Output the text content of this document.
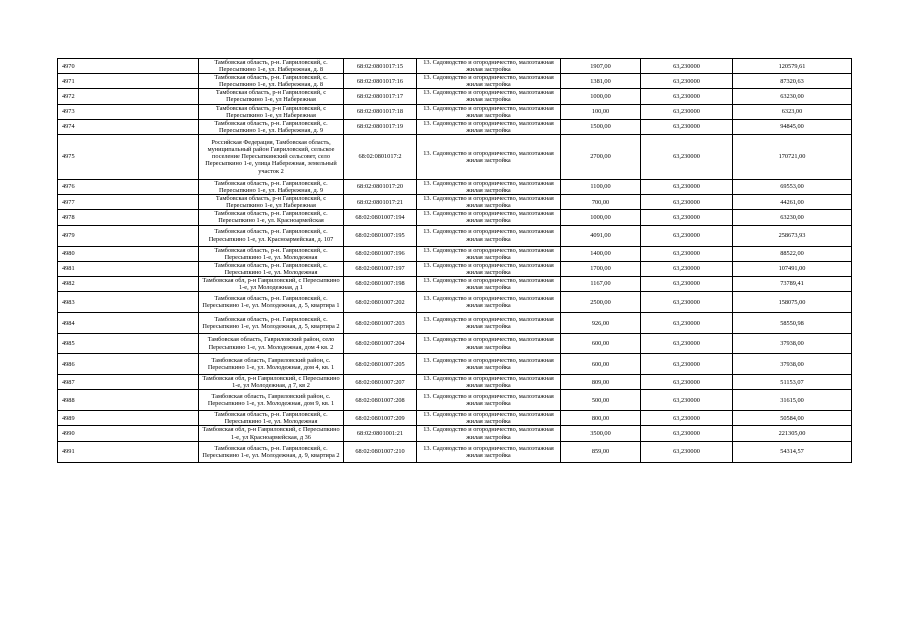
4970	Тамбовская область, р-н. Гавриловский, с. Пересыпкино 1-е, ул. Набережная, д. 8	68:02:0801017:15	13. Садоводство и огородничество, малоэтажная жилая застройка	1907,00	63,230000	120579,61
4971	Тамбовская область, р-н. Гавриловский, с. Пересыпкино 1-е, ул. Набережная, д. 8	68:02:0801017:16	13. Садоводство и огородничество, малоэтажная жилая застройка	1381,00	63,230000	87320,63
4972	Тамбовская область, р-н Гавриловский, с Пересыпкино 1-е, ул Набережная	68:02:0801017:17	13. Садоводство и огородничество, малоэтажная жилая застройка	1000,00	63,230000	63230,00
4973	Тамбовская область, р-н Гавриловский, с Пересыпкино 1-е, ул Набережная	68:02:0801017:18	13. Садоводство и огородничество, малоэтажная жилая застройка	100,00	63,230000	6323,00
4974	Тамбовская область, р-н. Гавриловский, с. Пересыпкино 1-е, ул. Набережная, д. 9	68:02:0801017:19	13. Садоводство и огородничество, малоэтажная жилая застройка	1500,00	63,230000	94845,00
4975	Российская Федерация, Тамбовская область, муниципальный район Гавриловский, сельское поселение Пересыпкинский сельсовет, село Пересыпкино 1-е, улица Набережная, земельный участок 2	68:02:0801017:2	13. Садоводство и огородничество, малоэтажная жилая застройка	2700,00	63,230000	170721,00
4976	Тамбовская область, р-н. Гавриловский, с. Пересыпкино 1-е, ул. Набережная, д. 9	68:02:0801017:20	13. Садоводство и огородничество, малоэтажная жилая застройка	1100,00	63,230000	69553,00
4977	Тамбовская область, р-н Гавриловский, с Пересыпкино 1-е, ул Набережная	68:02:0801017:21	13. Садоводство и огородничество, малоэтажная жилая застройка	700,00	63,230000	44261,00
4978	Тамбовская область, р-н. Гавриловский, с. Пересыпкино 1-е, ул. Красноармейская	68:02:0801007:194	13. Садоводство и огородничество, малоэтажная жилая застройка	1000,00	63,230000	63230,00
4979	Тамбовская область, р-н. Гавриловский, с. Пересыпкино 1-е, ул. Красноармейская, д. 107	68:02:0801007:195	13. Садоводство и огородничество, малоэтажная жилая застройка	4091,00	63,230000	258673,93
4980	Тамбовская область, р-н. Гавриловский, с. Пересыпкино 1-е, ул. Молодежная	68:02:0801007:196	13. Садоводство и огородничество, малоэтажная жилая застройка	1400,00	63,230000	88522,00
4981	Тамбовская область, р-н. Гавриловский, с. Пересыпкино 1-е, ул. Молодежная	68:02:0801007:197	13. Садоводство и огородничество, малоэтажная жилая застройка	1700,00	63,230000	107491,00
4982	Тамбовская обл, р-н Гавриловский, с Пересыпкино 1-е, ул Молодежная, д 1	68:02:0801007:198	13. Садоводство и огородничество, малоэтажная жилая застройка	1167,00	63,230000	73789,41
4983	Тамбовская область, р-н. Гавриловский, с. Пересыпкино 1-е, ул. Молодежная, д. 5, квартира 1	68:02:0801007:202	13. Садоводство и огородничество, малоэтажная жилая застройка	2500,00	63,230000	158075,00
4984	Тамбовская область, р-н. Гавриловский, с. Пересыпкино 1-е, ул. Молодежная, д. 5, квартира 2	68:02:0801007:203	13. Садоводство и огородничество, малоэтажная жилая застройка	926,00	63,230000	58550,98
4985	Тамбовская область, Гавриловский район, село Пересыпкино 1-е, ул. Молодежная, дом 4 кв. 2	68:02:0801007:204	13. Садоводство и огородничество, малоэтажная жилая застройка	600,00	63,230000	37938,00
4986	Тамбовская область, Гавриловский район, с. Пересыпкино 1-е, ул. Молодежная, дом 4, кв. 1	68:02:0801007:205	13. Садоводство и огородничество, малоэтажная жилая застройка	600,00	63,230000	37938,00
4987	Тамбовская обл, р-н Гавриловский, с Пересыпкино 1-е, ул Молодежная, д 7, кв 2	68:02:0801007:207	13. Садоводство и огородничество, малоэтажная жилая застройка	809,00	63,230000	51153,07
4988	Тамбовская область, Гавриловский район, с. Пересыпкино 1-е, ул. Молодежная, дом 9, кв. 1	68:02:0801007:208	13. Садоводство и огородничество, малоэтажная жилая застройка	500,00	63,230000	31615,00
4989	Тамбовская область, р-н. Гавриловский, с. Пересыпкино 1-е, ул. Молодежная	68:02:0801007:209	13. Садоводство и огородничество, малоэтажная жилая застройка	800,00	63,230000	50584,00
4990	Тамбовская обл, р-н Гавриловский, с Пересыпкино 1-е, ул Красноармейская, д 36	68:02:0801001:21	13. Садоводство и огородничество, малоэтажная жилая застройка	3500,00	63,230000	221305,00
4991	Тамбовская область, р-н. Гавриловский, с. Пересыпкино 1-е, ул. Молодежная, д. 9, квартира 2	68:02:0801007:210	13. Садоводство и огородничество, малоэтажная жилая застройка	859,00	63,230000	54314,57
